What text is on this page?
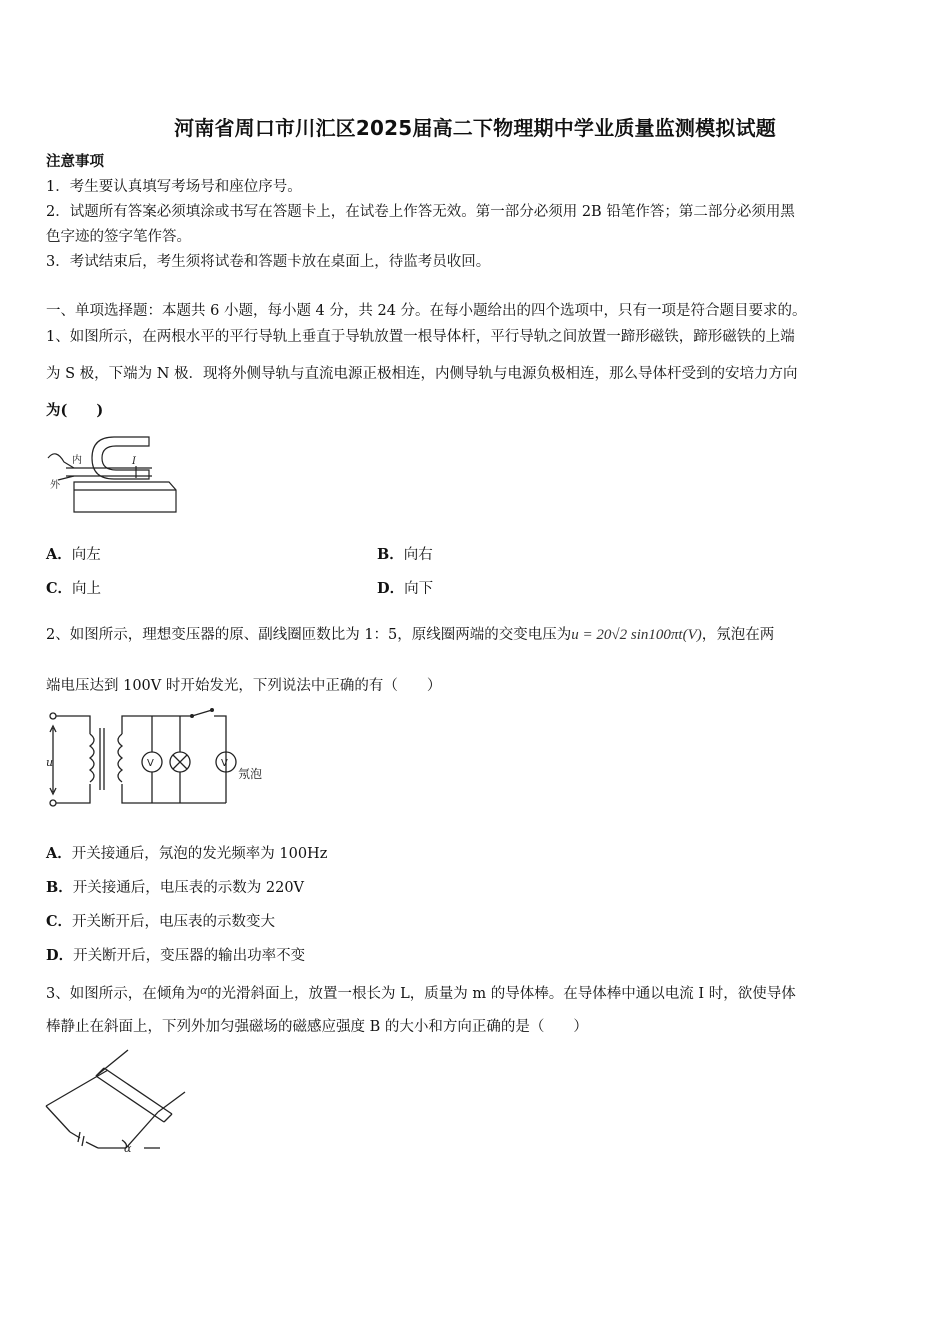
河南省周口市川汇区2025届高二下物理期中学业质量监测模拟试题
注意事项
1．考生要认真填写考场号和座位序号。
2．试题所有答案必须填涂或书写在答题卡上，在试卷上作答无效。第一部分必须用 2B 铅笔作答；第二部分必须用黑
色字迹的签字笔作答。
3．考试结束后，考生须将试卷和答题卡放在桌面上，待监考员收回。
一、单项选择题：本题共 6 小题，每小题 4 分，共 24 分。在每小题给出的四个选项中，只有一项是符合题目要求的。
1、如图所示，在两根水平的平行导轨上垂直于导轨放置一根导体杆，平行导轨之间放置一蹄形磁铁，蹄形磁铁的上端
为 S 极，下端为 N 极．现将外侧导轨与直流电源正极相连，内侧导轨与电源负极相连，那么导体杆受到的安培力方向
为(　　)
内
外
I
A．向左	B．向右
C．向上	D．向下
2、如图所示，理想变压器的原、副线圈匝数比为 1：5，原线圈两端的交变电压为u = 20√2 sin100πt(V)，氖泡在两
端电压达到 100V 时开始发光，下列说法中正确的有（　　）
u	V	V
氖泡
A．开关接通后，氖泡的发光频率为 100Hz
B．开关接通后，电压表的示数为 220V
C．开关断开后，电压表的示数变大
D．开关断开后，变压器的输出功率不变
3、如图所示，在倾角为α的光滑斜面上，放置一根长为 L，质量为 m 的导体棒。在导体棒中通以电流 I 时，欲使导体
棒静止在斜面上，下列外加匀强磁场的磁感应强度 B 的大小和方向正确的是（　　）
α
